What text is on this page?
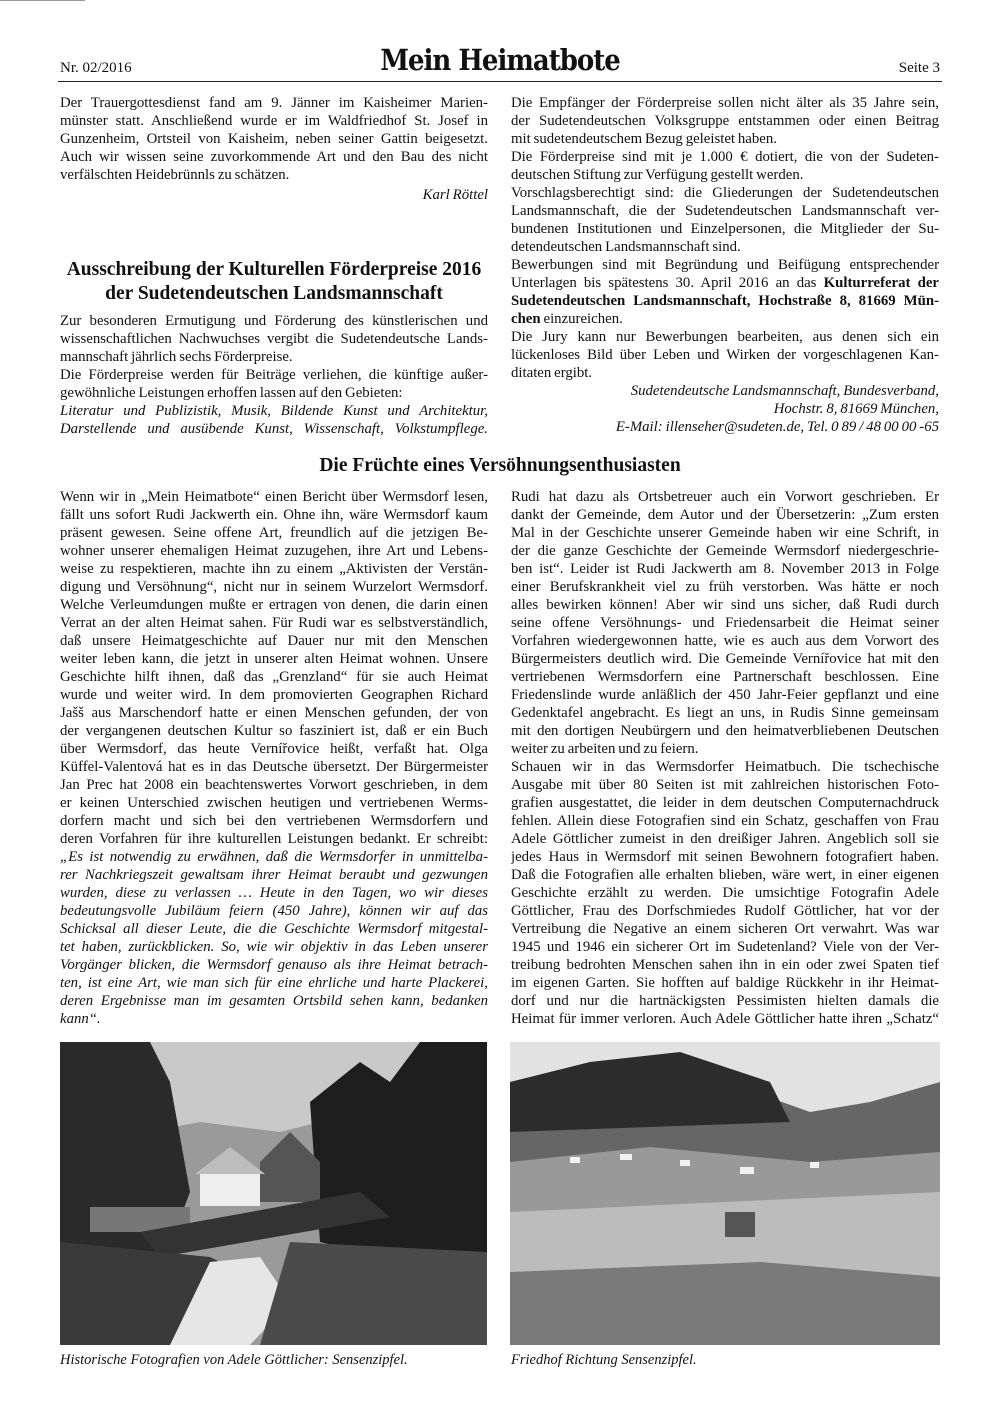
Nr. 02/2016	Mein Heimatbote	Seite 3
Der Trauergottesdienst fand am 9. Jänner im Kaisheimer Marien-
münster statt. Anschließend wurde er im Waldfriedhof St. Josef in
Gunzenheim, Ortsteil von Kaisheim, neben seiner Gattin beigesetzt.
Auch wir wissen seine zuvorkommende Art und den Bau des nicht
verfälschten Heidebrünnls zu schätzen.
Karl Röttel
Ausschreibung der Kulturellen Förderpreise 2016
der Sudetendeutschen Landsmannschaft
Zur besonderen Ermutigung und Förderung des künstlerischen und
wissenschaftlichen Nachwuchses vergibt die Sudetendeutsche Lands-
mannschaft jährlich sechs Förderpreise.
Die Förderpreise werden für Beiträge verliehen, die künftige außer-
gewöhnliche Leistungen erhoffen lassen auf den Gebieten:
Literatur und Publizistik, Musik, Bildende Kunst und Architektur,
Darstellende und ausübende Kunst, Wissenschaft, Volkstumpflege.
Die Empfänger der Förderpreise sollen nicht älter als 35 Jahre sein,
der Sudetendeutschen Volksgruppe entstammen oder einen Beitrag
mit sudetendeutschem Bezug geleistet haben.
Die Förderpreise sind mit je 1.000 € dotiert, die von der Sudeten-
deutschen Stiftung zur Verfügung gestellt werden.
Vorschlagsberechtigt sind: die Gliederungen der Sudetendeutschen
Landsmannschaft, die der Sudetendeutschen Landsmannschaft ver-
bundenen Institutionen und Einzelpersonen, die Mitglieder der Su-
detendeutschen Landsmannschaft sind.
Bewerbungen sind mit Begründung und Beifügung entsprechender
Unterlagen bis spätestens 30. April 2016 an das Kulturreferat der
Sudetendeutschen Landsmannschaft, Hochstraße 8, 81669 Mün-
chen einzureichen.
Die Jury kann nur Bewerbungen bearbeiten, aus denen sich ein
lückenloses Bild über Leben und Wirken der vorgeschlagenen Kan-
ditaten ergibt.
Sudetendeutsche Landsmannschaft, Bundesverband,
Hochstr. 8, 81669 München,
E-Mail: illenseher@sudeten.de, Tel. 0 89 / 48 00 00 -65
Die Früchte eines Versöhnungsenthusiasten
Wenn wir in „Mein Heimatbote“ einen Bericht über Wermsdorf lesen,
fällt uns sofort Rudi Jackwerth ein. Ohne ihn, wäre Wermsdorf kaum
präsent gewesen. Seine offene Art, freundlich auf die jetzigen Be-
wohner unserer ehemaligen Heimat zuzugehen, ihre Art und Lebens-
weise zu respektieren, machte ihn zu einem „Aktivisten der Verstän-
digung und Versöhnung“, nicht nur in seinem Wurzelort Wermsdorf.
Welche Verleumdungen mußte er ertragen von denen, die darin einen
Verrat an der alten Heimat sahen. Für Rudi war es selbstverständlich,
daß unsere Heimatgeschichte auf Dauer nur mit den Menschen
weiter leben kann, die jetzt in unserer alten Heimat wohnen. Unsere
Geschichte hilft ihnen, daß das „Grenzland“ für sie auch Heimat
wurde und weiter wird. In dem promovierten Geographen Richard
Jašš aus Marschendorf hatte er einen Menschen gefunden, der von
der vergangenen deutschen Kultur so fasziniert ist, daß er ein Buch
über Wermsdorf, das heute Vernířovice heißt, verfaßt hat. Olga
Küffel-Valentová hat es in das Deutsche übersetzt. Der Bürgermeister
Jan Prec hat 2008 ein beachtenswertes Vorwort geschrieben, in dem
er keinen Unterschied zwischen heutigen und vertriebenen Werms-
dorfern macht und sich bei den vertriebenen Wermsdorfern und
deren Vorfahren für ihre kulturellen Leistungen bedankt. Er schreibt:
„Es ist notwendig zu erwähnen, daß die Wermsdorfer in unmittelba-
rer Nachkriegszeit gewaltsam ihrer Heimat beraubt und gezwungen
wurden, diese zu verlassen … Heute in den Tagen, wo wir dieses
bedeutungsvolle Jubiläum feiern (450 Jahre), können wir auf das
Schicksal all dieser Leute, die die Geschichte Wermsdorf mitgestal-
tet haben, zurückblicken. So, wie wir objektiv in das Leben unserer
Vorgänger blicken, die Wermsdorf genauso als ihre Heimat betrach-
ten, ist eine Art, wie man sich für eine ehrliche und harte Plackerei,
deren Ergebnisse man im gesamten Ortsbild sehen kann, bedanken
kann“.
Rudi hat dazu als Ortsbetreuer auch ein Vorwort geschrieben. Er
dankt der Gemeinde, dem Autor und der Übersetzerin: „Zum ersten
Mal in der Geschichte unserer Gemeinde haben wir eine Schrift, in
der die ganze Geschichte der Gemeinde Wermsdorf niedergeschrie-
ben ist“. Leider ist Rudi Jackwerth am 8. November 2013 in Folge
einer Berufskrankheit viel zu früh verstorben. Was hätte er noch
alles bewirken können! Aber wir sind uns sicher, daß Rudi durch
seine offene Versöhnungs- und Friedensarbeit die Heimat seiner
Vorfahren wiedergewonnen hatte, wie es auch aus dem Vorwort des
Bürgermeisters deutlich wird. Die Gemeinde Vernířovice hat mit den
vertriebenen Wermsdorfern eine Partnerschaft beschlossen. Eine
Friedenslinde wurde anläßlich der 450 Jahr-Feier gepflanzt und eine
Gedenktafel angebracht. Es liegt an uns, in Rudis Sinne gemeinsam
mit den dortigen Neubürgern und den heimatverbliebenen Deutschen
weiter zu arbeiten und zu feiern.
Schauen wir in das Wermsdorfer Heimatbuch. Die tschechische
Ausgabe mit über 80 Seiten ist mit zahlreichen historischen Foto-
grafien ausgestattet, die leider in dem deutschen Computernachdruck
fehlen. Allein diese Fotografien sind ein Schatz, geschaffen von Frau
Adele Göttlicher zumeist in den dreißiger Jahren. Angeblich soll sie
jedes Haus in Wermsdorf mit seinen Bewohnern fotografiert haben.
Daß die Fotografien alle erhalten blieben, wäre wert, in einer eigenen
Geschichte erzählt zu werden. Die umsichtige Fotografin Adele
Göttlicher, Frau des Dorfschmiedes Rudolf Göttlicher, hat vor der
Vertreibung die Negative an einem sicheren Ort verwahrt. Was war
1945 und 1946 ein sicherer Ort im Sudetenland? Viele von der Ver-
treibung bedrohten Menschen sahen ihn in ein oder zwei Spaten tief
im eigenen Garten. Sie hofften auf baldige Rückkehr in ihr Heimat-
dorf und nur die hartnäckigsten Pessimisten hielten damals die
Heimat für immer verloren. Auch Adele Göttlicher hatte ihren „Schatz“
Historische Fotografien von Adele Göttlicher: Sensenzipfel.	Friedhof Richtung Sensenzipfel.
